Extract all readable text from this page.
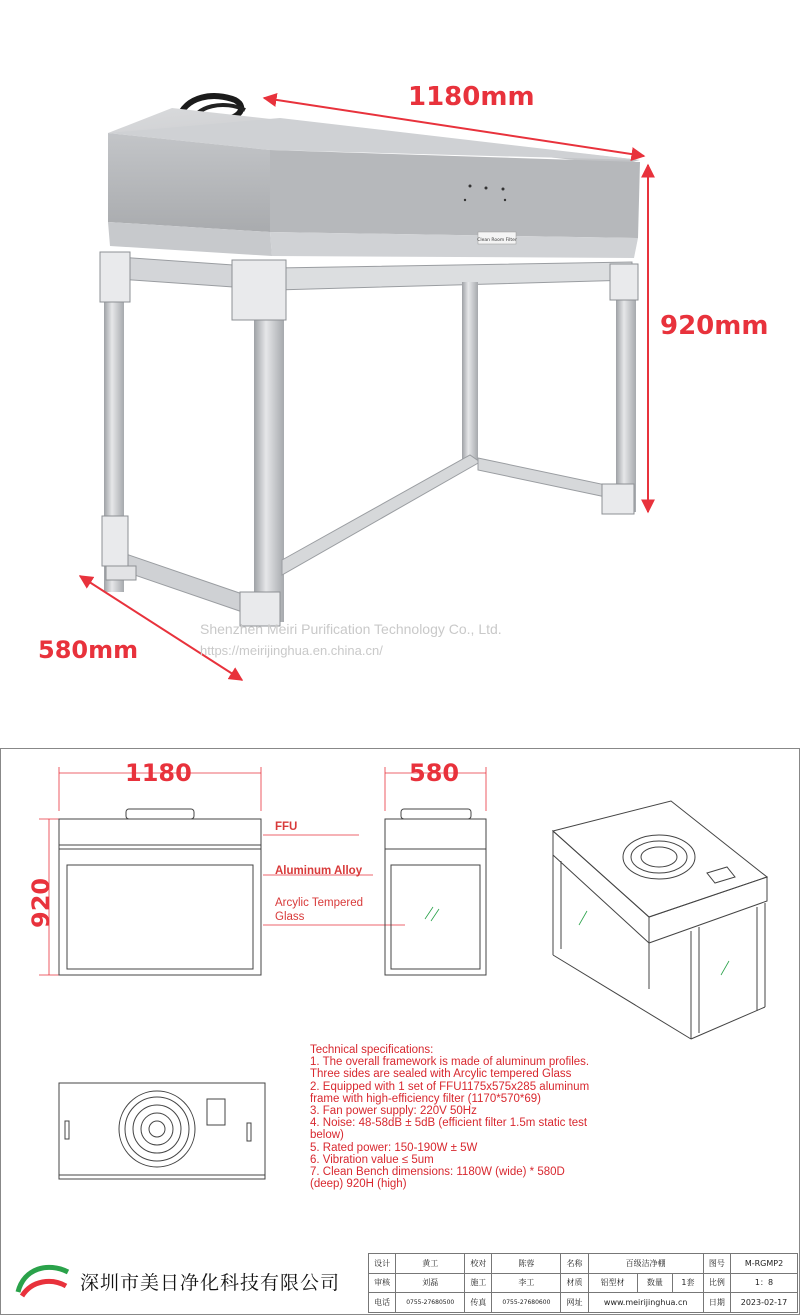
Clean Room Filter
1180mm
920mm
580mm
Shenzhen Meiri Purification Technology Co., Ltd.
https://meirijinghua.en.china.cn/
1180	580
920
FFU
Aluminum Alloy
Arcylic Tempered
Glass
Technical specifications:
1. The overall framework is made of aluminum profiles.
Three sides are sealed with Arcylic tempered Glass
2. Equipped with 1 set of FFU1175x575x285 aluminum
frame with high-efficiency filter (1170*570*69)
3. Fan power supply: 220V 50Hz
4. Noise: 48-58dB ± 5dB (efficient filter 1.5m static test
below)
5. Rated power: 150-190W ± 5W
6. Vibration value ≤ 5um
7. Clean Bench dimensions: 1180W (wide) * 580D
(deep) 920H (high)
深圳市美日净化科技有限公司
设计	黄工	校对	陈蓉	名称	百级洁净棚			图号	M-RGMP2
审核	刘磊	施工	李工	材质	铝型材	数量	1套	比例	1：8
电话	0755-27680500	传真	0755-27680600	网址	www.meirijinghua.cn			日期	2023-02-17
